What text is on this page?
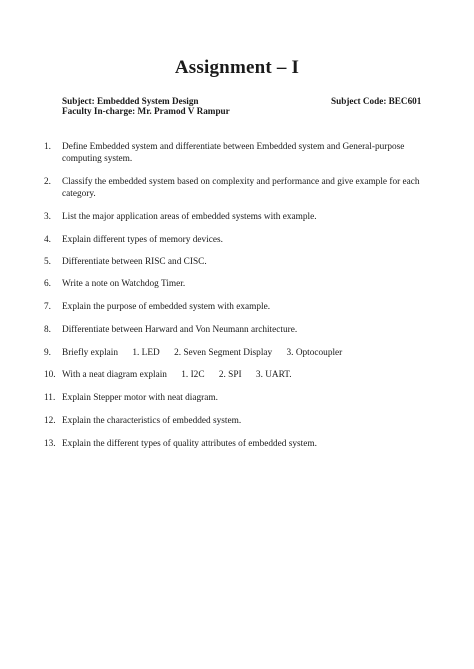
Assignment – I
Subject: Embedded System Design	Subject Code: BEC601
Faculty In-charge: Mr. Pramod V Rampur
1. Define Embedded system and differentiate between Embedded system and General-purpose computing system.
2. Classify the embedded system based on complexity and performance and give example for each category.
3. List the major application areas of embedded systems with example.
4. Explain different types of memory devices.
5. Differentiate between RISC and CISC.
6. Write a note on Watchdog Timer.
7. Explain the purpose of embedded system with example.
8. Differentiate between Harward and Von Neumann architecture.
9. Briefly explain 1. LED 2. Seven Segment Display 3. Optocoupler
10. With a neat diagram explain 1. I2C 2. SPI 3. UART.
11. Explain Stepper motor with neat diagram.
12. Explain the characteristics of embedded system.
13. Explain the different types of quality attributes of embedded system.
